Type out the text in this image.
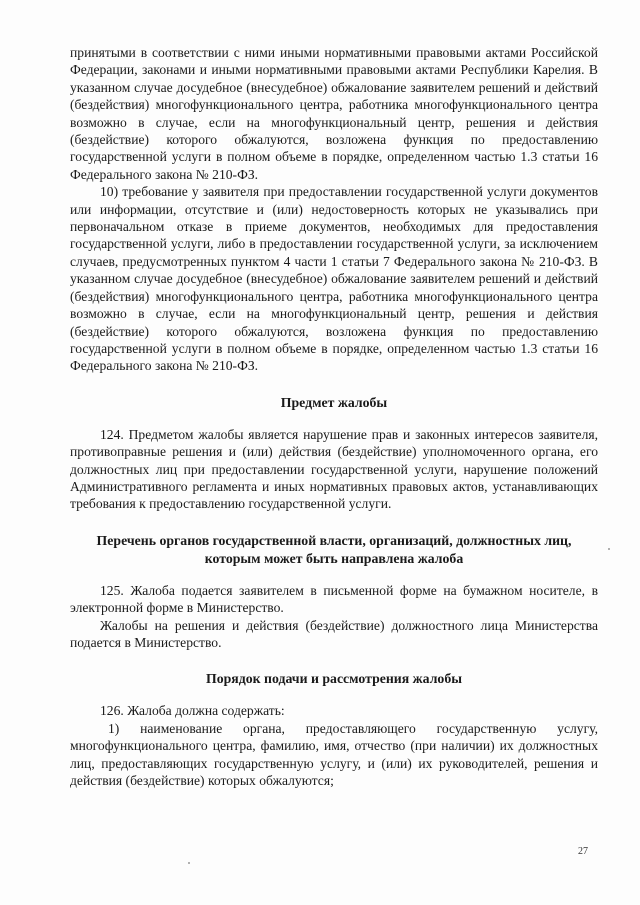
принятыми в соответствии с ними иными нормативными правовыми актами Российской Федерации, законами и иными нормативными правовыми актами Республики Карелия. В указанном случае досудебное (внесудебное) обжалование заявителем решений и действий (бездействия) многофункционального центра, работника многофункционального центра возможно в случае, если на многофункциональный центр, решения и действия (бездействие) которого обжалуются, возложена функция по предоставлению государственной услуги в полном объеме в порядке, определенном частью 1.3 статьи 16 Федерального закона № 210-ФЗ.

10) требование у заявителя при предоставлении государственной услуги документов или информации, отсутствие и (или) недостоверность которых не указывались при первоначальном отказе в приеме документов, необходимых для предоставления государственной услуги, либо в предоставлении государственной услуги, за исключением случаев, предусмотренных пунктом 4 части 1 статьи 7 Федерального закона № 210-ФЗ. В указанном случае досудебное (внесудебное) обжалование заявителем решений и действий (бездействия) многофункционального центра, работника многофункционального центра возможно в случае, если на многофункциональный центр, решения и действия (бездействие) которого обжалуются, возложена функция по предоставлению государственной услуги в полном объеме в порядке, определенном частью 1.3 статьи 16 Федерального закона № 210-ФЗ.

Предмет жалобы

124. Предметом жалобы является нарушение прав и законных интересов заявителя, противоправные решения и (или) действия (бездействие) уполномоченного органа, его должностных лиц при предоставлении государственной услуги, нарушение положений Административного регламента и иных нормативных правовых актов, устанавливающих требования к предоставлению государственной услуги.

Перечень органов государственной власти, организаций, должностных лиц, которым может быть направлена жалоба

125. Жалоба подается заявителем в письменной форме на бумажном носителе, в электронной форме в Министерство.

Жалобы на решения и действия (бездействие) должностного лица Министерства подается в Министерство.

Порядок подачи и рассмотрения жалобы

126. Жалоба должна содержать:

1) наименование органа, предоставляющего государственную услугу, многофункционального центра, фамилию, имя, отчество (при наличии) их должностных лиц, предоставляющих государственную услугу, и (или) их руководителей, решения и действия (бездействие) которых обжалуются;

27
